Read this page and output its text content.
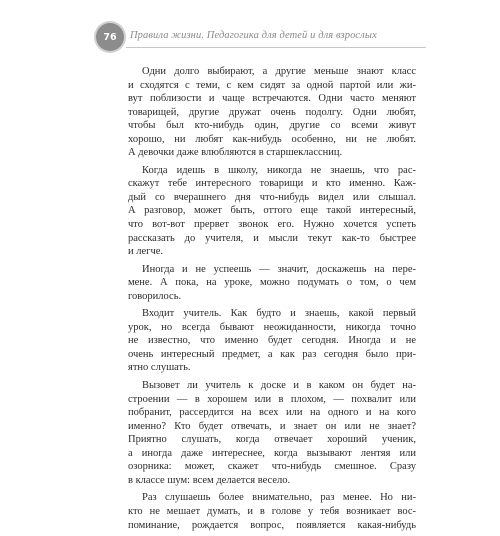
76 Правила жизни. Педагогика для детей и для взрослых
Одни долго выбирают, а другие меньше знают класс
и сходятся с теми, с кем сидят за одной партой или жи-
вут поблизости и чаще встречаются. Одни часто меняют
товарищей, другие дружат очень подолгу. Одни любят,
чтобы был кто-нибудь один, другие со всеми живут
хорошо, ни любят как-нибудь особенно, ни не любят.
А девочки даже влюбляются в старшеклассниц.
Когда идешь в школу, никогда не знаешь, что рас-
скажут тебе интересного товарищи и кто именно. Каж-
дый со вчерашнего дня что-нибудь видел или слышал.
А разговор, может быть, оттого еще такой интересный,
что вот-вот прервет звонок его. Нужно хочется успеть
рассказать до учителя, и мысли текут как-то быстрее
и легче.
Иногда и не успеешь — значит, доскажешь на пере-
мене. А пока, на уроке, можно подумать о том, о чем
говорилось.
Входит учитель. Как будто и знаешь, какой первый
урок, но всегда бывают неожиданности, никогда точно
не известно, что именно будет сегодня. Иногда и не
очень интересный предмет, а как раз сегодня было при-
ятно слушать.
Вызовет ли учитель к доске и в каком он будет на-
строении — в хорошем или в плохом, — похвалит или
побранит, рассердится на всех или на одного и на кого
именно? Кто будет отвечать, и знает он или не знает?
Приятно слушать, когда отвечает хороший ученик,
а иногда даже интереснее, когда вызывают лентяя или
озорника: может, скажет что-нибудь смешное. Сразу
в классе шум: всем делается весело.
Раз слушаешь более внимательно, раз менее. Но ни-
кто не мешает думать, и в голове у тебя возникает вос-
поминание, рождается вопрос, появляется какая-нибудь
